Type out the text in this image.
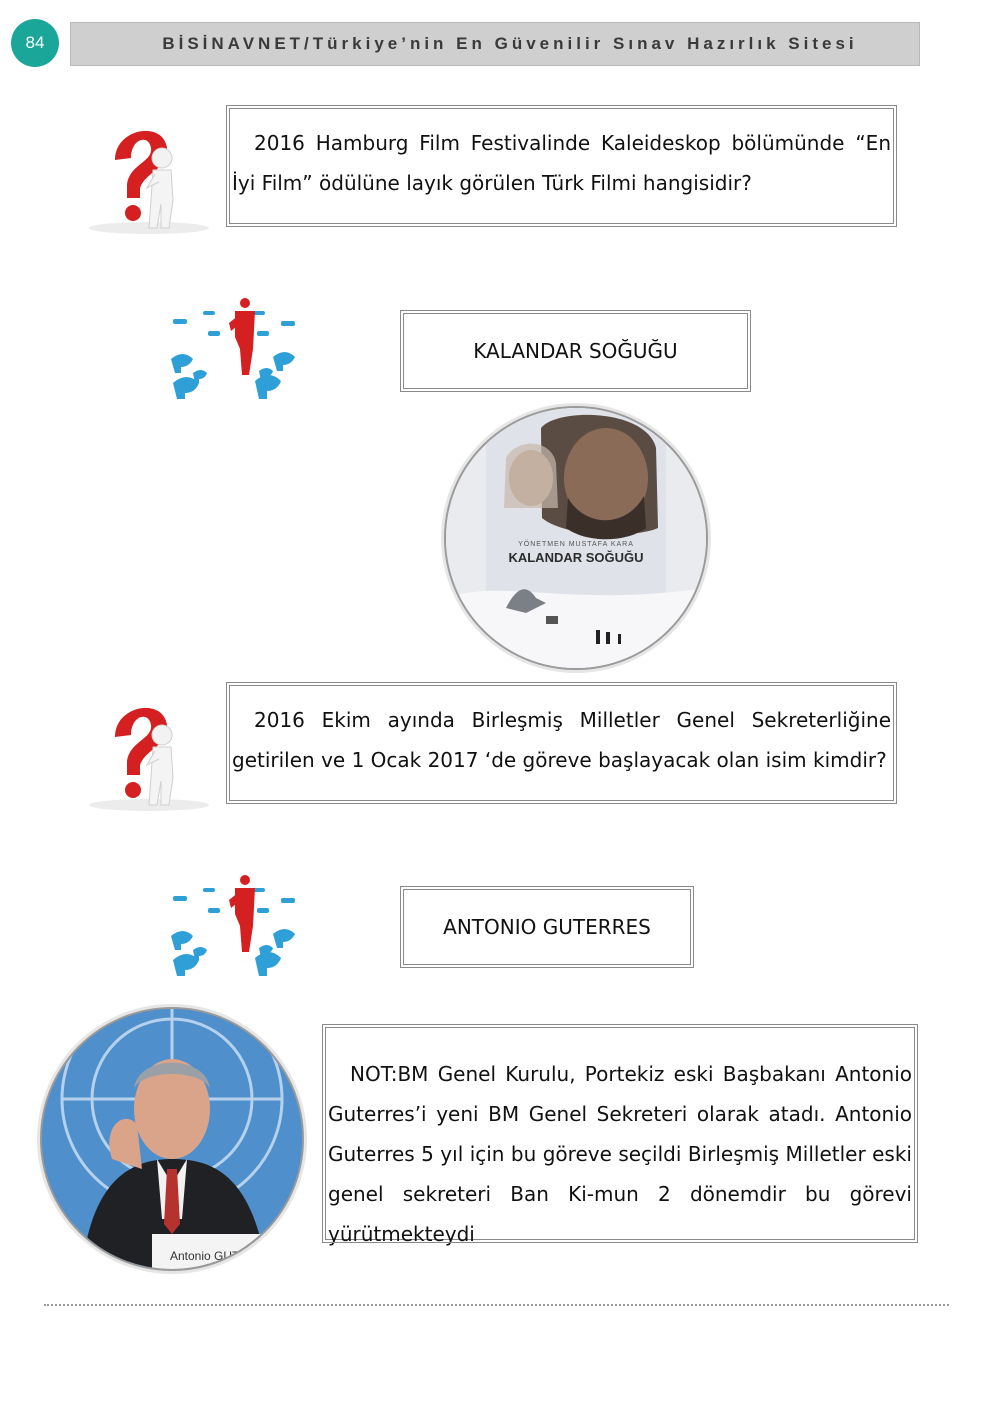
84	BİSİNAVNET/Türkiye’nin En Güvenilir Sınav Hazırlık Sitesi
2016 Hamburg Film Festivalinde Kaleideskop bölümünde “En İyi Film” ödülüne layık görülen Türk Filmi hangisidir?
KALANDAR SOĞUĞU
YÖNETMEN MUSTAFA KARA
KALANDAR SOĞUĞU
2016 Ekim ayında Birleşmiş Milletler Genel Sekreterliğine getirilen ve 1 Ocak 2017 ‘de göreve başlayacak olan isim kimdir?
ANTONIO GUTERRES
Antonio GUTE
NOT:BM Genel Kurulu, Portekiz eski Başbakanı Antonio Guterres’i yeni BM Genel Sekreteri olarak atadı. Antonio Guterres 5 yıl için bu göreve seçildi Birleşmiş Milletler eski genel sekreteri Ban Ki-mun 2 dönemdir bu görevi yürütmekteydi
